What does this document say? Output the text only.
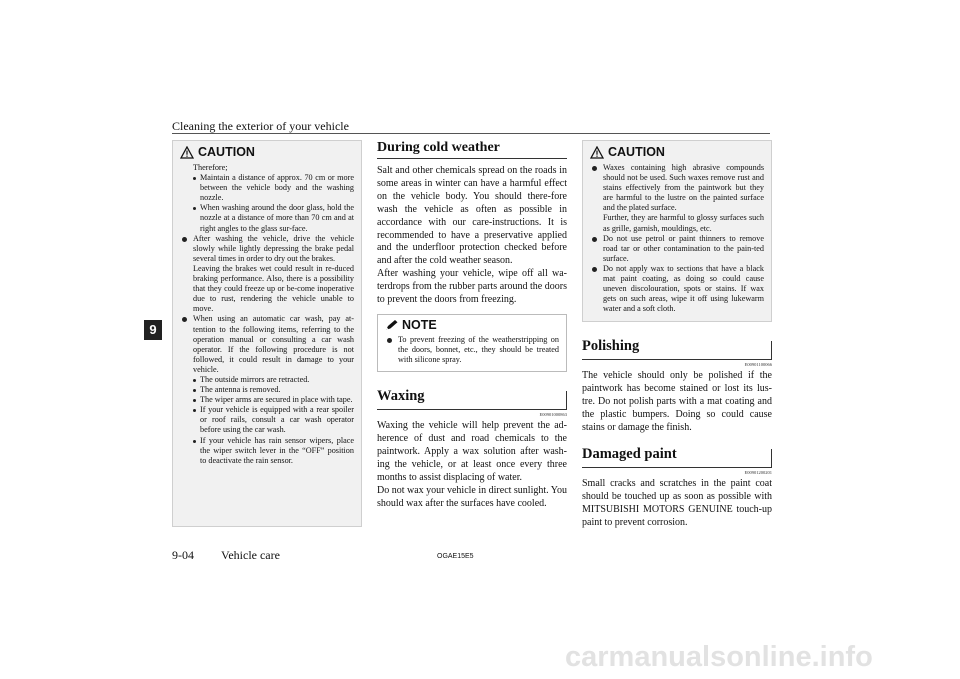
Cleaning the exterior of your vehicle
9
CAUTION
Therefore;
Maintain a distance of approx. 70 cm or more between the vehicle body and the washing nozzle.
When washing around the door glass, hold the nozzle at a distance of more than 70 cm and at right angles to the glass sur-face.
After washing the vehicle, drive the vehicle slowly while lightly depressing the brake pedal several times in order to dry out the brakes.
Leaving the brakes wet could result in re-duced braking performance. Also, there is a possibility that they could freeze up or be-come inoperative due to rust, rendering the vehicle unable to move.
When using an automatic car wash, pay at-tention to the following items, referring to the operation manual or consulting a car wash operator. If the following procedure is not followed, it could result in damage to your vehicle.
The outside mirrors are retracted.
The antenna is removed.
The wiper arms are secured in place with tape.
If your vehicle is equipped with a rear spoiler or roof rails, consult a car wash operator before using the car wash.
If your vehicle has rain sensor wipers, place the wiper switch lever in the “OFF” position to deactivate the rain sensor.
During cold weather
Salt and other chemicals spread on the roads in some areas in winter can have a harmful effect on the vehicle body. You should there-fore wash the vehicle as often as possible in accordance with our care-instructions. It is recommended to have a preservative applied and the underfloor protection checked before and after the cold weather season.
After washing your vehicle, wipe off all wa-terdrops from the rubber parts around the doors to prevent the doors from freezing.
NOTE
To prevent freezing of the weatherstripping on the doors, bonnet, etc., they should be treated with silicone spray.
Waxing
E00901000863
Waxing the vehicle will help prevent the ad-herence of dust and road chemicals to the paintwork. Apply a wax solution after wash-ing the vehicle, or at least once every three months to assist displacing of water.
Do not wax your vehicle in direct sunlight. You should wax after the surfaces have cooled.
CAUTION
Waxes containing high abrasive compounds should not be used. Such waxes remove rust and stains effectively from the paintwork but they are harmful to the lustre on the painted surface and the plated surface.
Further, they are harmful to glossy surfaces such as grille, garnish, mouldings, etc.
Do not use petrol or paint thinners to remove road tar or other contamination to the pain-ted surface.
Do not apply wax to sections that have a black mat paint coating, as doing so could cause uneven discolouration, spots or stains. If wax gets on such areas, wipe it off using lukewarm water and a soft cloth.
Polishing
E00901100066
The vehicle should only be polished if the paintwork has become stained or lost its lus-tre. Do not polish parts with a mat coating and the plastic bumpers. Doing so could cause stains or damage the finish.
Damaged paint
E00901200201
Small cracks and scratches in the paint coat should be touched up as soon as possible with MITSUBISHI MOTORS GENUINE touch-up paint to prevent corrosion.
9-04 Vehicle care	OGAE15E5
carmanualsonline.info
